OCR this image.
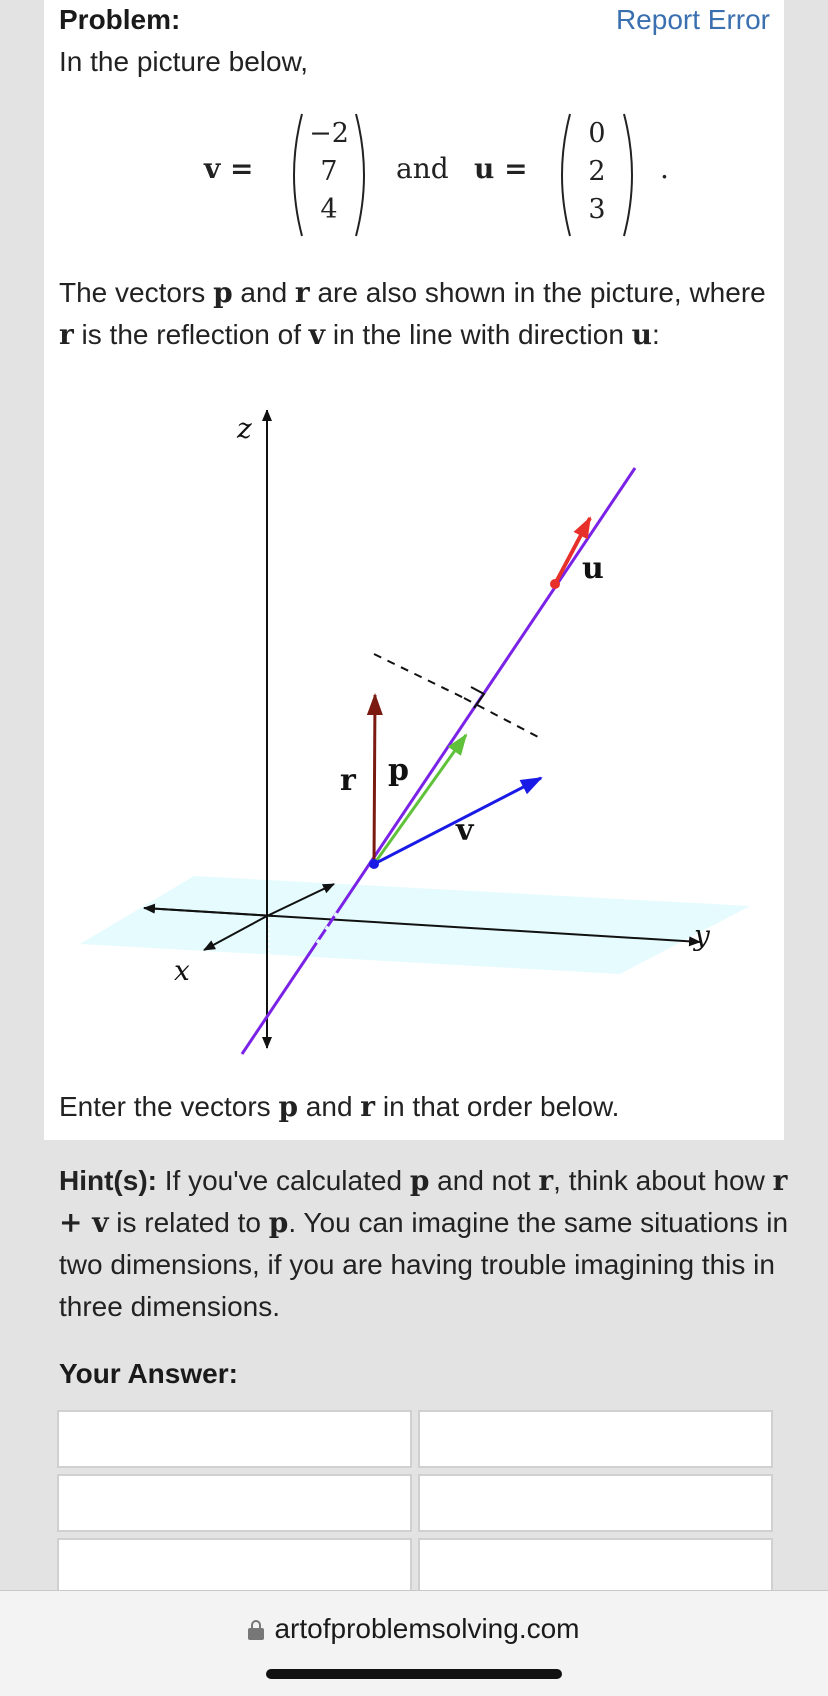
Problem:	Report Error
In the picture below,
v =
−2
7
4
and u =
0
2
3
.
The vectors p and r are also shown in the picture, where r is the reflection of v in the line with direction u:
z
x
y
u
r p
v
Enter the vectors p and r in that order below.
Hint(s): If you've calculated p and not r, think about how r + v is related to p. You can imagine the same situations in two dimensions, if you are having trouble imagining this in three dimensions.
Your Answer:
artofproblemsolving.com
